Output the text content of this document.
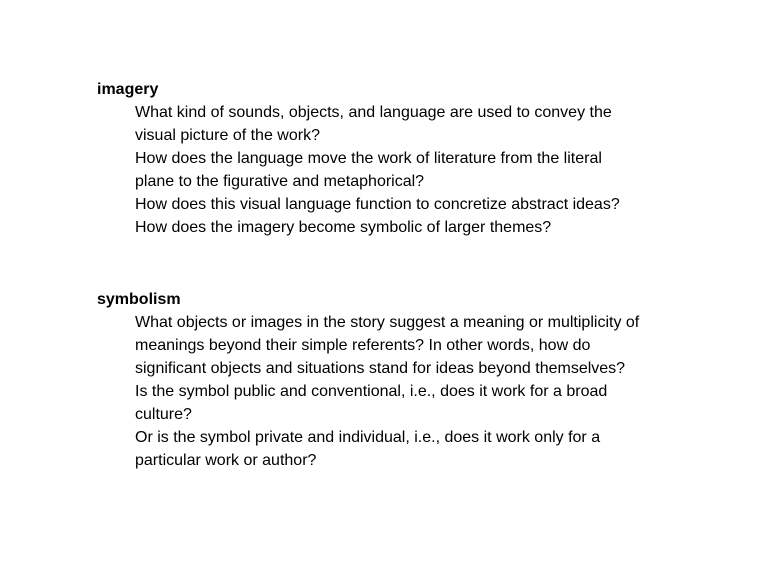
imagery

What kind of sounds, objects, and language are used to convey the
visual picture of the work?
How does the language move the work of literature from the literal
plane to the figurative and metaphorical?
How does this visual language function to concretize abstract ideas?
How does the imagery become symbolic of larger themes?

symbolism

What objects or images in the story suggest a meaning or multiplicity of
meanings beyond their simple referents? In other words, how do
significant objects and situations stand for ideas beyond themselves?
Is the symbol public and conventional, i.e., does it work for a broad
culture?
Or is the symbol private and individual, i.e., does it work only for a
particular work or author?
